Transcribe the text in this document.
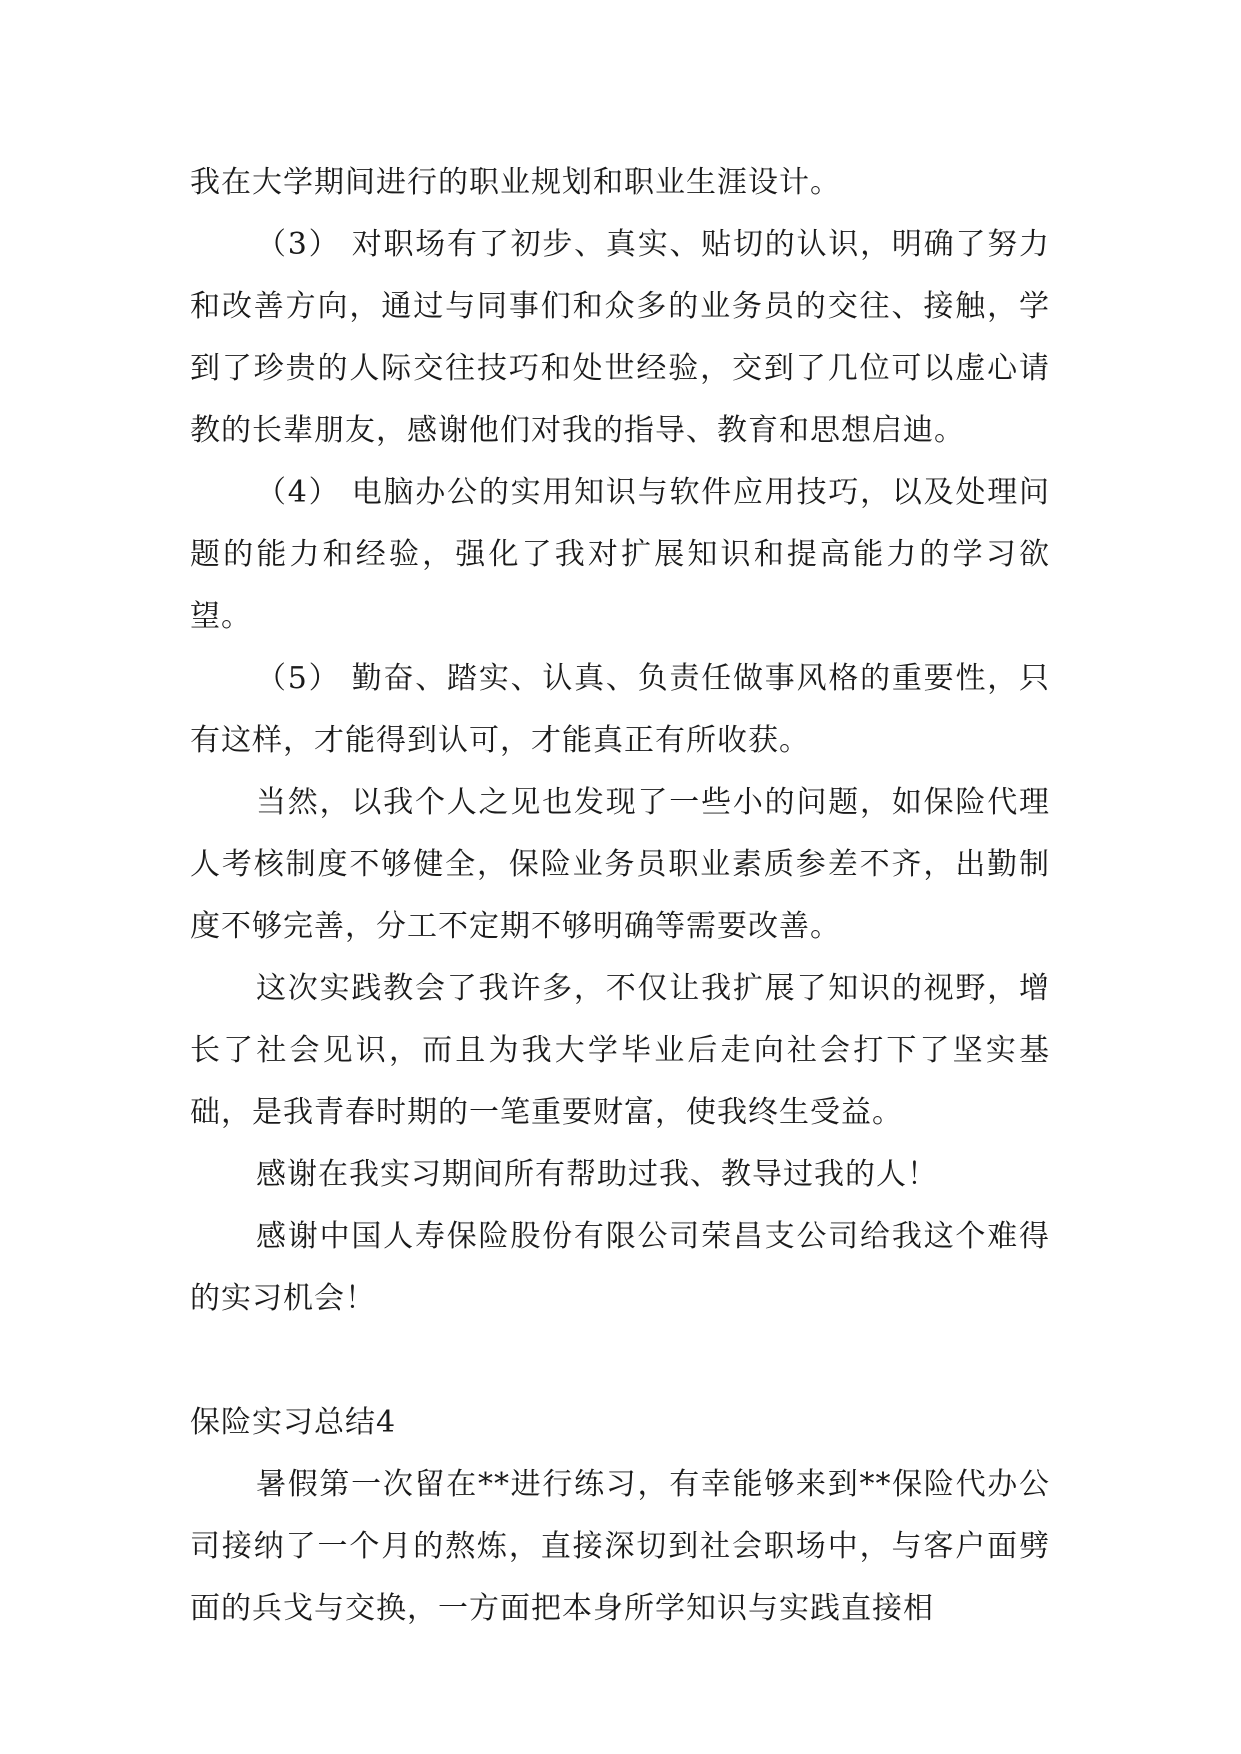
我在大学期间进行的职业规划和职业生涯设计。

（3） 对职场有了初步、真实、贴切的认识，明确了努力和改善方向，通过与同事们和众多的业务员的交往、接触，学到了珍贵的人际交往技巧和处世经验，交到了几位可以虚心请教的长辈朋友，感谢他们对我的指导、教育和思想启迪。

（4） 电脑办公的实用知识与软件应用技巧，以及处理问题的能力和经验，强化了我对扩展知识和提高能力的学习欲望。

（5） 勤奋、踏实、认真、负责任做事风格的重要性，只有这样，才能得到认可，才能真正有所收获。

当然，以我个人之见也发现了一些小的问题，如保险代理人考核制度不够健全，保险业务员职业素质参差不齐，出勤制度不够完善，分工不定期不够明确等需要改善。

这次实践教会了我许多，不仅让我扩展了知识的视野，增长了社会见识，而且为我大学毕业后走向社会打下了坚实基础，是我青春时期的一笔重要财富，使我终生受益。

感谢在我实习期间所有帮助过我、教导过我的人！

感谢中国人寿保险股份有限公司荣昌支公司给我这个难得的实习机会！

保险实习总结4

暑假第一次留在**进行练习，有幸能够来到**保险代办公司接纳了一个月的熬炼，直接深切到社会职场中，与客户面劈面的兵戈与交换，一方面把本身所学知识与实践直接相
